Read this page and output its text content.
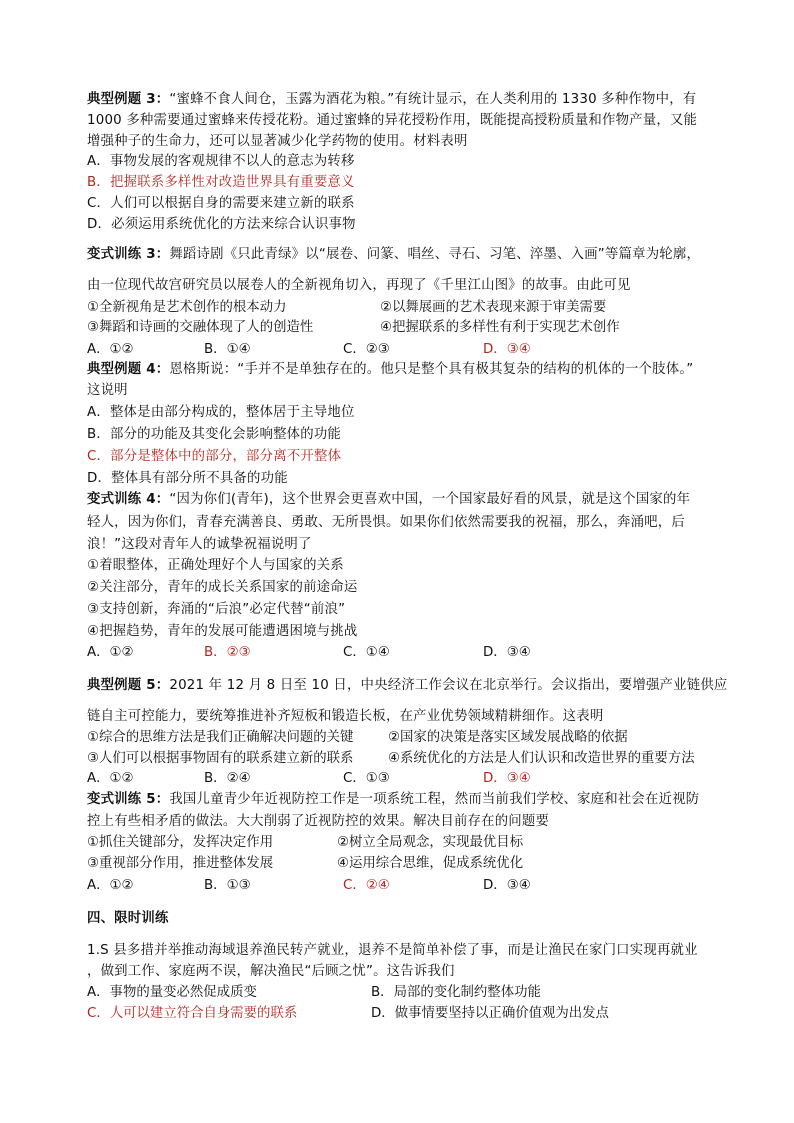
典型例题 3：“蜜蜂不食人间仓，玉露为酒花为粮。”有统计显示，在人类利用的 1330 多种作物中，有
1000 多种需要通过蜜蜂来传授花粉。通过蜜蜂的异花授粉作用，既能提高授粉质量和作物产量，又能
增强种子的生命力，还可以显著减少化学药物的使用。材料表明
A．事物发展的客观规律不以人的意志为转移
B．把握联系多样性对改造世界具有重要意义
C．人们可以根据自身的需要来建立新的联系
D．必须运用系统优化的方法来综合认识事物
变式训练 3：舞蹈诗剧《只此青绿》以“展卷、问篆、唱丝、寻石、习笔、淬墨、入画”等篇章为轮廓，
由一位现代故宫研究员以展卷人的全新视角切入，再现了《千里江山图》的故事。由此可见
①全新视角是艺术创作的根本动力	②以舞展画的艺术表现来源于审美需要
③舞蹈和诗画的交融体现了人的创造性	④把握联系的多样性有利于实现艺术创作
A．①②	B．①④	C．②③	D．③④
典型例题 4：恩格斯说：“手并不是单独存在的。他只是整个具有极其复杂的结构的机体的一个肢体。”
这说明
A．整体是由部分构成的，整体居于主导地位
B．部分的功能及其变化会影响整体的功能
C．部分是整体中的部分，部分离不开整体
D．整体具有部分所不具备的功能
变式训练 4：“因为你们(青年)，这个世界会更喜欢中国，一个国家最好看的风景，就是这个国家的年
轻人，因为你们，青春充满善良、勇敢、无所畏惧。如果你们依然需要我的祝福，那么，奔涌吧，后
浪！”这段对青年人的诚挚祝福说明了
①着眼整体，正确处理好个人与国家的关系
②关注部分，青年的成长关系国家的前途命运
③支持创新，奔涌的“后浪”必定代替“前浪”
④把握趋势，青年的发展可能遭遇困境与挑战
A．①②	B．②③	C．①④	D．③④
典型例题 5：2021 年 12 月 8 日至 10 日，中央经济工作会议在北京举行。会议指出，要增强产业链供应
链自主可控能力，要统筹推进补齐短板和锻造长板，在产业优势领域精耕细作。这表明
①综合的思维方法是我们正确解决问题的关键	②国家的决策是落实区域发展战略的依据
③人们可以根据事物固有的联系建立新的联系	④系统优化的方法是人们认识和改造世界的重要方法
A．①②	B．②④	C．①③	D．③④
变式训练 5：我国儿童青少年近视防控工作是一项系统工程，然而当前我们学校、家庭和社会在近视防
控上有些相矛盾的做法。大大削弱了近视防控的效果。解决目前存在的问题要
①抓住关键部分，发挥决定作用	②树立全局观念，实现最优目标
③重视部分作用，推进整体发展	④运用综合思维，促成系统优化
A．①②	B．①③	C．②④	D．③④
四、限时训练
1.S 县多措并举推动海域退养渔民转产就业，退养不是简单补偿了事，而是让渔民在家门口实现再就业
，做到工作、家庭两不误，解决渔民“后顾之忧”。这告诉我们
A．事物的量变必然促成质变	B．局部的变化制约整体功能
C．人可以建立符合自身需要的联系	D．做事情要坚持以正确价值观为出发点
